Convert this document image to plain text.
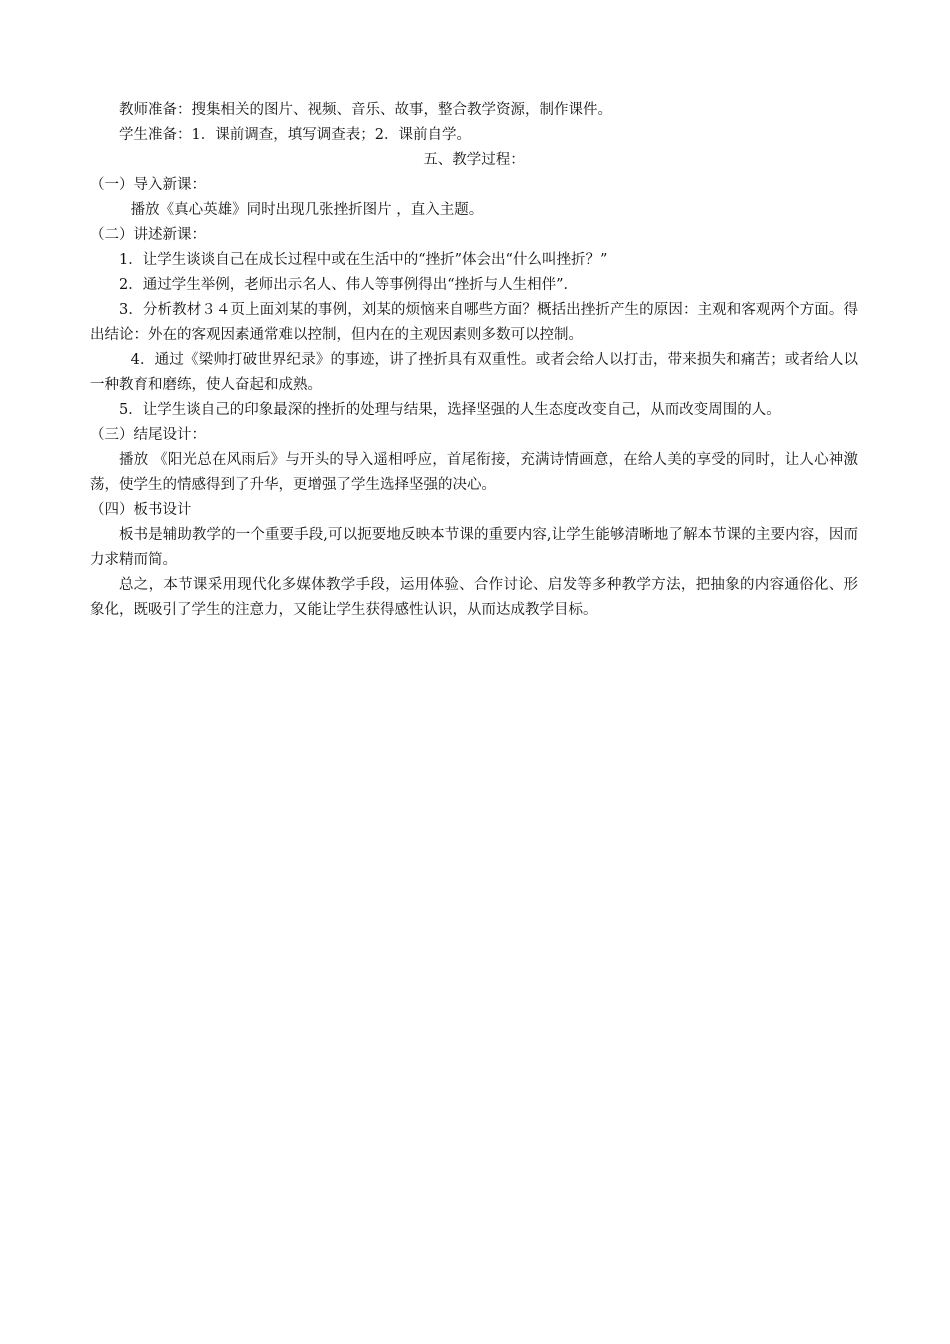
教师准备：搜集相关的图片、视频、音乐、故事，整合教学资源，制作课件。

学生准备：1．课前调查，填写调查表；2．课前自学。

五、教学过程：

（一）导入新课：

播放《真心英雄》同时出现几张挫折图片 ，直入主题。

（二）讲述新课：

1．让学生谈谈自己在成长过程中或在生活中的“挫折”体会出“什么叫挫折？”

2．通过学生举例，老师出示名人、伟人等事例得出“挫折与人生相伴”．

3．分析教材３４页上面刘某的事例，刘某的烦恼来自哪些方面？概括出挫折产生的原因：主观和客观两个方面。得出结论：外在的客观因素通常难以控制，但内在的主观因素则多数可以控制。

4．通过《梁帅打破世界纪录》的事迹，讲了挫折具有双重性。或者会给人以打击，带来损失和痛苦；或者给人以一种教育和磨练，使人奋起和成熟。

5．让学生谈自己的印象最深的挫折的处理与结果，选择坚强的人生态度改变自己，从而改变周围的人。

（三）结尾设计：

播放 《阳光总在风雨后》与开头的导入遥相呼应，首尾衔接，充满诗情画意，在给人美的享受的同时，让人心神激荡，使学生的情感得到了升华，更增强了学生选择坚强的决心。

（四）板书设计

板书是辅助教学的一个重要手段,可以扼要地反映本节课的重要内容,让学生能够清晰地了解本节课的主要内容，因而力求精而简。

总之，本节课采用现代化多媒体教学手段，运用体验、合作讨论、启发等多种教学方法，把抽象的内容通俗化、形象化，既吸引了学生的注意力，又能让学生获得感性认识，从而达成教学目标。
